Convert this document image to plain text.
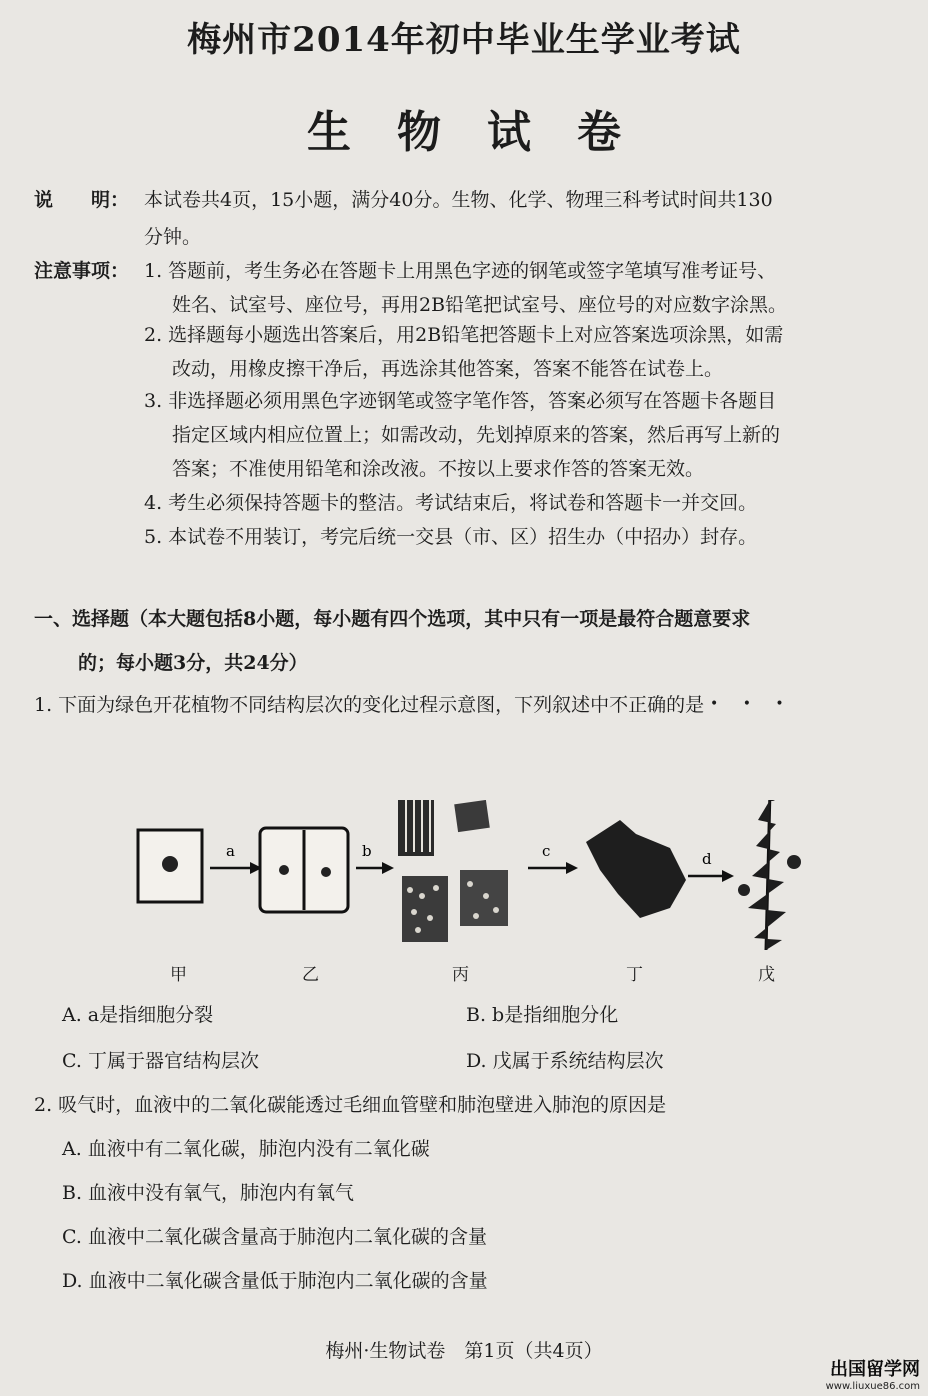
梅州市2014年初中毕业生学业考试
生物试卷
说　　明： 本试卷共4页，15小题，满分40分。生物、化学、物理三科考试时间共130
分钟。
注意事项： 1. 答题前，考生务必在答题卡上用黑色字迹的钢笔或签字笔填写准考证号、
姓名、试室号、座位号，再用2B铅笔把试室号、座位号的对应数字涂黑。
2. 选择题每小题选出答案后，用2B铅笔把答题卡上对应答案选项涂黑，如需
改动，用橡皮擦干净后，再选涂其他答案，答案不能答在试卷上。
3. 非选择题必须用黑色字迹钢笔或签字笔作答，答案必须写在答题卡各题目
指定区域内相应位置上；如需改动，先划掉原来的答案，然后再写上新的
答案；不准使用铅笔和涂改液。不按以上要求作答的答案无效。
4. 考生必须保持答题卡的整洁。考试结束后，将试卷和答题卡一并交回。
5. 本试卷不用装订，考完后统一交县（市、区）招生办（中招办）封存。
一、选择题（本大题包括8小题，每小题有四个选项，其中只有一项是最符合题意要求
的；每小题3分，共24分）
1. 下面为绿色开花植物不同结构层次的变化过程示意图，下列叙述中不正确的是 • • •
a	b	c	d
甲	乙	丙	丁	戊
A. a是指细胞分裂	B. b是指细胞分化
C. 丁属于器官结构层次	D. 戊属于系统结构层次
2. 吸气时，血液中的二氧化碳能透过毛细血管壁和肺泡壁进入肺泡的原因是
A. 血液中有二氧化碳，肺泡内没有二氧化碳
B. 血液中没有氧气，肺泡内有氧气
C. 血液中二氧化碳含量高于肺泡内二氧化碳的含量
D. 血液中二氧化碳含量低于肺泡内二氧化碳的含量
梅州·生物试卷　第1页（共4页）
出国留学网
www.liuxue86.com
